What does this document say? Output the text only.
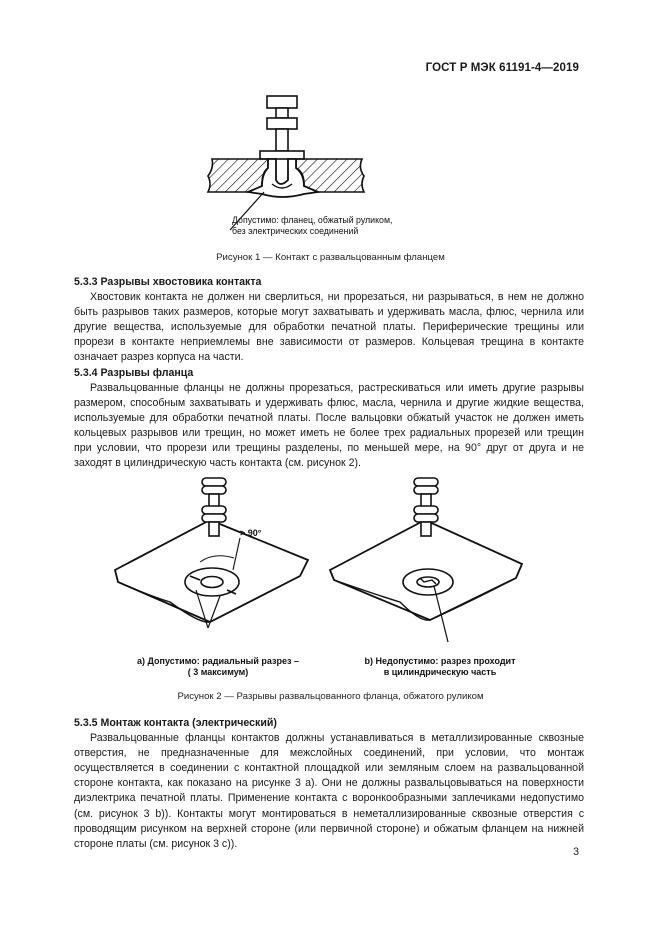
ГОСТ Р МЭК 61191-4—2019
Допустимо: фланец, обжатый руликом,
без электрических соединений
Рисунок 1 — Контакт с развальцованным фланцем
5.3.3 Разрывы хвостовика контакта

Хвостовик контакта не должен ни сверлиться, ни прорезаться, ни разрываться, в нем не должно быть разрывов таких размеров, которые могут захватывать и удерживать масла, флюс, чернила или другие вещества, используемые для обработки печатной платы. Периферические трещины или прорези в контакте неприемлемы вне зависимости от размеров. Кольцевая трещина в контакте означает разрез корпуса на части.

5.3.4 Разрывы фланца

Развальцованные фланцы не должны прорезаться, растрескиваться или иметь другие разрывы размером, способным захватывать и удерживать флюс, масла, чернила и другие жидкие вещества, используемые для обработки печатной платы. После вальцовки обжатый участок не должен иметь кольцевых разрывов или трещин, но может иметь не более трех радиальных прорезей или трещин при условии, что прорези или трещины разделены, по меньшей мере, на 90° друг от друга и не заходят в цилиндрическую часть контакта (см. рисунок 2).

> 90°
a) Допустимо: радиальный разрез –
( 3 максимум)
b) Недопустимо: разрез проходит
в цилиндрическую часть
Рисунок 2 — Разрывы развальцованного фланца, обжатого руликом
5.3.5 Монтаж контакта (электрический)

Развальцованные фланцы контактов должны устанавливаться в металлизированные сквозные отверстия, не предназначенные для межслойных соединений, при условии, что монтаж осуществляется в соединении с контактной площадкой или земляным слоем на развальцованной стороне контакта, как показано на рисунке 3 а). Они не должны развальцовываться на поверхности диэлектрика печатной платы. Применение контакта с воронкообразными заплечиками недопустимо (см. рисунок 3 b)). Контакты могут монтироваться в неметаллизированные сквозные отверстия с проводящим рисунком на верхней стороне (или первичной стороне) и обжатым фланцем на нижней стороне платы (см. рисунок 3 c)).

3
